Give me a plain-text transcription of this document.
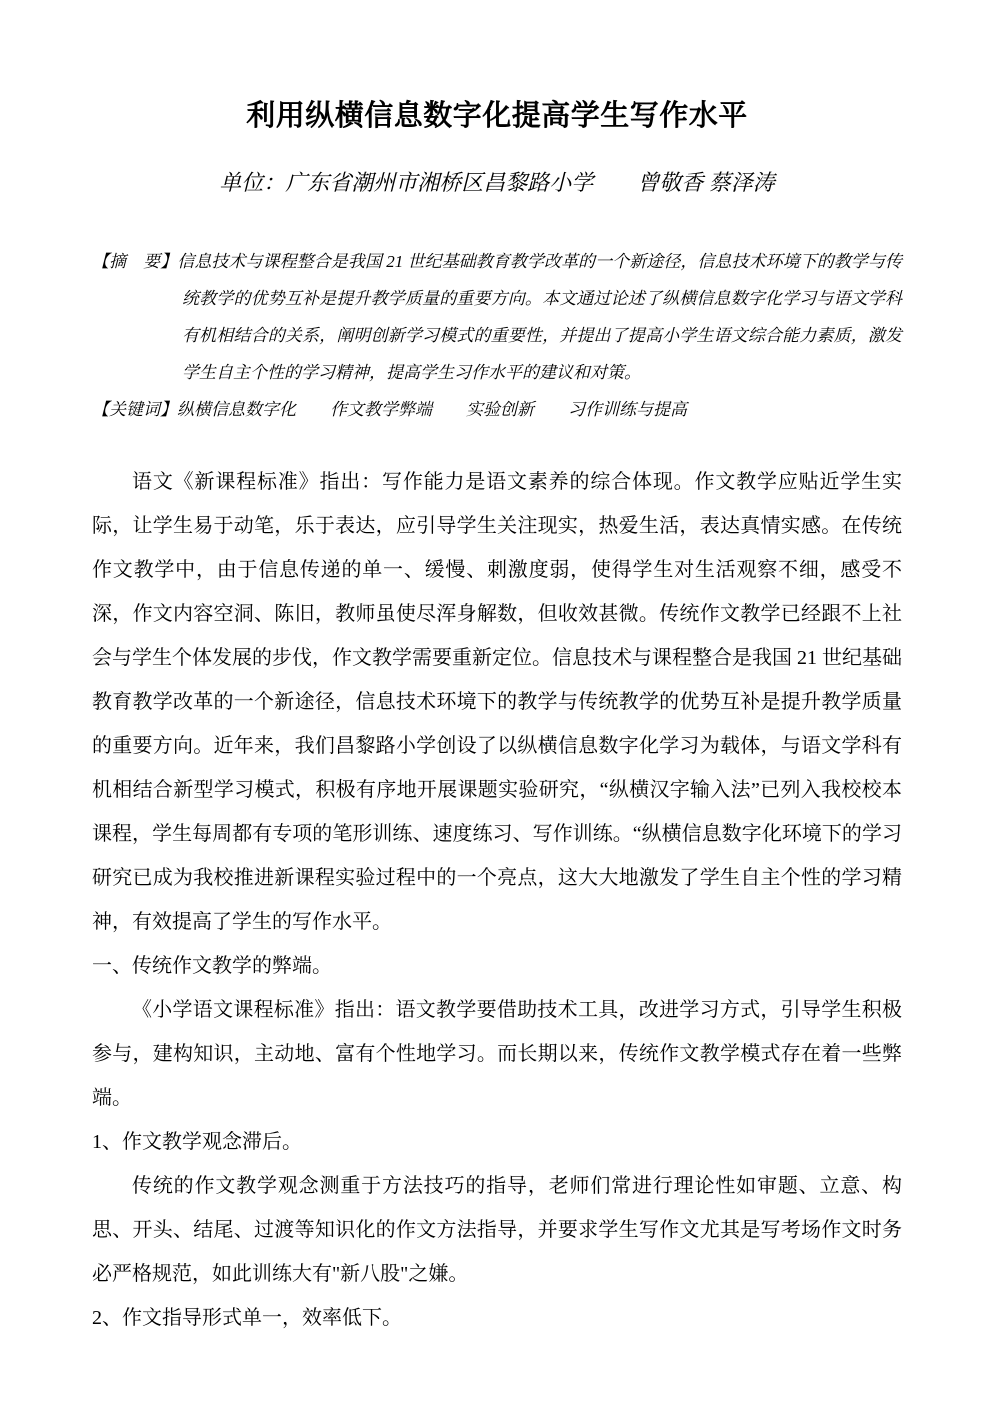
利用纵横信息数字化提高学生写作水平

单位：广东省潮州市湘桥区昌黎路小学　　曾敬香 蔡泽涛

【摘　要】信息技术与课程整合是我国 21 世纪基础教育教学改革的一个新途径，信息技术环境下的教学与传统教学的优势互补是提升教学质量的重要方向。本文通过论述了纵横信息数字化学习与语文学科有机相结合的关系，阐明创新学习模式的重要性，并提出了提高小学生语文综合能力素质，激发学生自主个性的学习精神，提高学生习作水平的建议和对策。

【关键词】纵横信息数字化　　作文教学弊端　　实验创新　　习作训练与提高

语文《新课程标准》指出：写作能力是语文素养的综合体现。作文教学应贴近学生实际，让学生易于动笔，乐于表达，应引导学生关注现实，热爱生活，表达真情实感。在传统作文教学中，由于信息传递的单一、缓慢、刺激度弱，使得学生对生活观察不细，感受不深，作文内容空洞、陈旧，教师虽使尽浑身解数，但收效甚微。传统作文教学已经跟不上社会与学生个体发展的步伐，作文教学需要重新定位。信息技术与课程整合是我国 21 世纪基础教育教学改革的一个新途径，信息技术环境下的教学与传统教学的优势互补是提升教学质量的重要方向。近年来，我们昌黎路小学创设了以纵横信息数字化学习为载体，与语文学科有机相结合新型学习模式，积极有序地开展课题实验研究，“纵横汉字输入法”已列入我校校本课程，学生每周都有专项的笔形训练、速度练习、写作训练。“纵横信息数字化环境下的学习研究已成为我校推进新课程实验过程中的一个亮点，这大大地激发了学生自主个性的学习精神，有效提高了学生的写作水平。

一、传统作文教学的弊端。

《小学语文课程标准》指出：语文教学要借助技术工具，改进学习方式，引导学生积极参与，建构知识，主动地、富有个性地学习。而长期以来，传统作文教学模式存在着一些弊端。

1、作文教学观念滞后。

传统的作文教学观念测重于方法技巧的指导，老师们常进行理论性如审题、立意、构思、开头、结尾、过渡等知识化的作文方法指导，并要求学生写作文尤其是写考场作文时务必严格规范，如此训练大有"新八股"之嫌。

2、作文指导形式单一，效率低下。
